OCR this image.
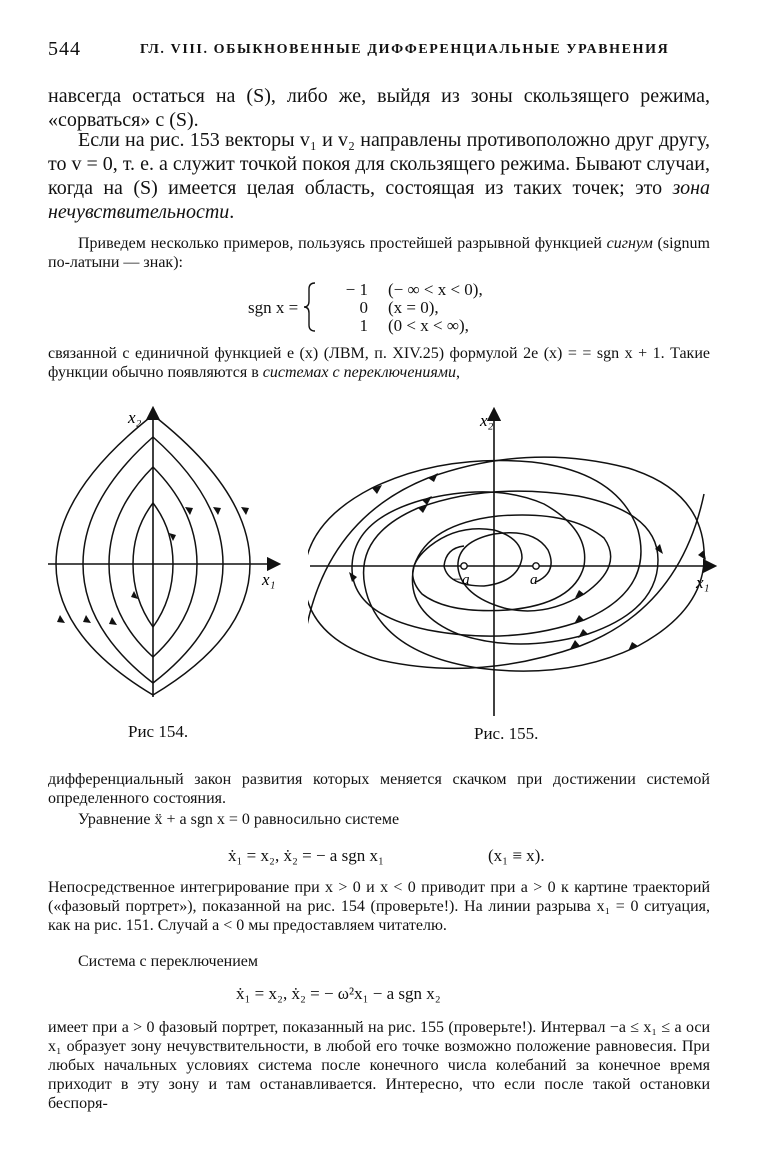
544	ГЛ. VIII. ОБЫКНОВЕННЫЕ ДИФФЕРЕНЦИАЛЬНЫЕ УРАВНЕНИЯ

навсегда остаться на (S), либо же, выйдя из зоны скользящего режима, «сорваться» с (S).

Если на рис. 153 векторы v₁ и v₂ направлены противоположно друг другу, то v = 0, т. е. a служит точкой покоя для скользящего режима. Бывают случаи, когда на (S) имеется целая область, состоящая из таких точек; это зона нечувствительности.

Приведем несколько примеров, пользуясь простейшей разрывной функцией сигнум (signum по-латыни — знак):

sgn x =
− 1 (− ∞ < x < 0),
0 (x = 0),
1 (0 < x < ∞),

связанной с единичной функцией e (x) (ЛВМ, п. XIV.25) формулой 2e (x) = = sgn x + 1. Такие функции обычно появляются в системах с переключениями,

x₂
x₁
Рис 154.
x₂
x₁
−a	a
Рис. 155.

дифференциальный закон развития которых меняется скачком при достижении системой определенного состояния.

Уравнение ẍ + a sgn x = 0 равносильно системе

ẋ₁ = x₂, ẋ₂ = − a sgn x₁	(x₁ ≡ x).

Непосредственное интегрирование при x > 0 и x < 0 приводит при a > 0 к картине траекторий («фазовый портрет»), показанной на рис. 154 (проверьте!). На линии разрыва x₁ = 0 ситуация, как на рис. 151. Случай a < 0 мы предоставляем читателю.

Система с переключением

ẋ₁ = x₂, ẋ₂ = − ω²x₁ − a sgn x₂

имеет при a > 0 фазовый портрет, показанный на рис. 155 (проверьте!). Интервал −a ≤ x₁ ≤ a оси x₁ образует зону нечувствительности, в любой его точке возможно положение равновесия. При любых начальных условиях система после конечного числа колебаний за конечное время приходит в эту зону и там останавливается. Интересно, что если после такой остановки беспоря-
